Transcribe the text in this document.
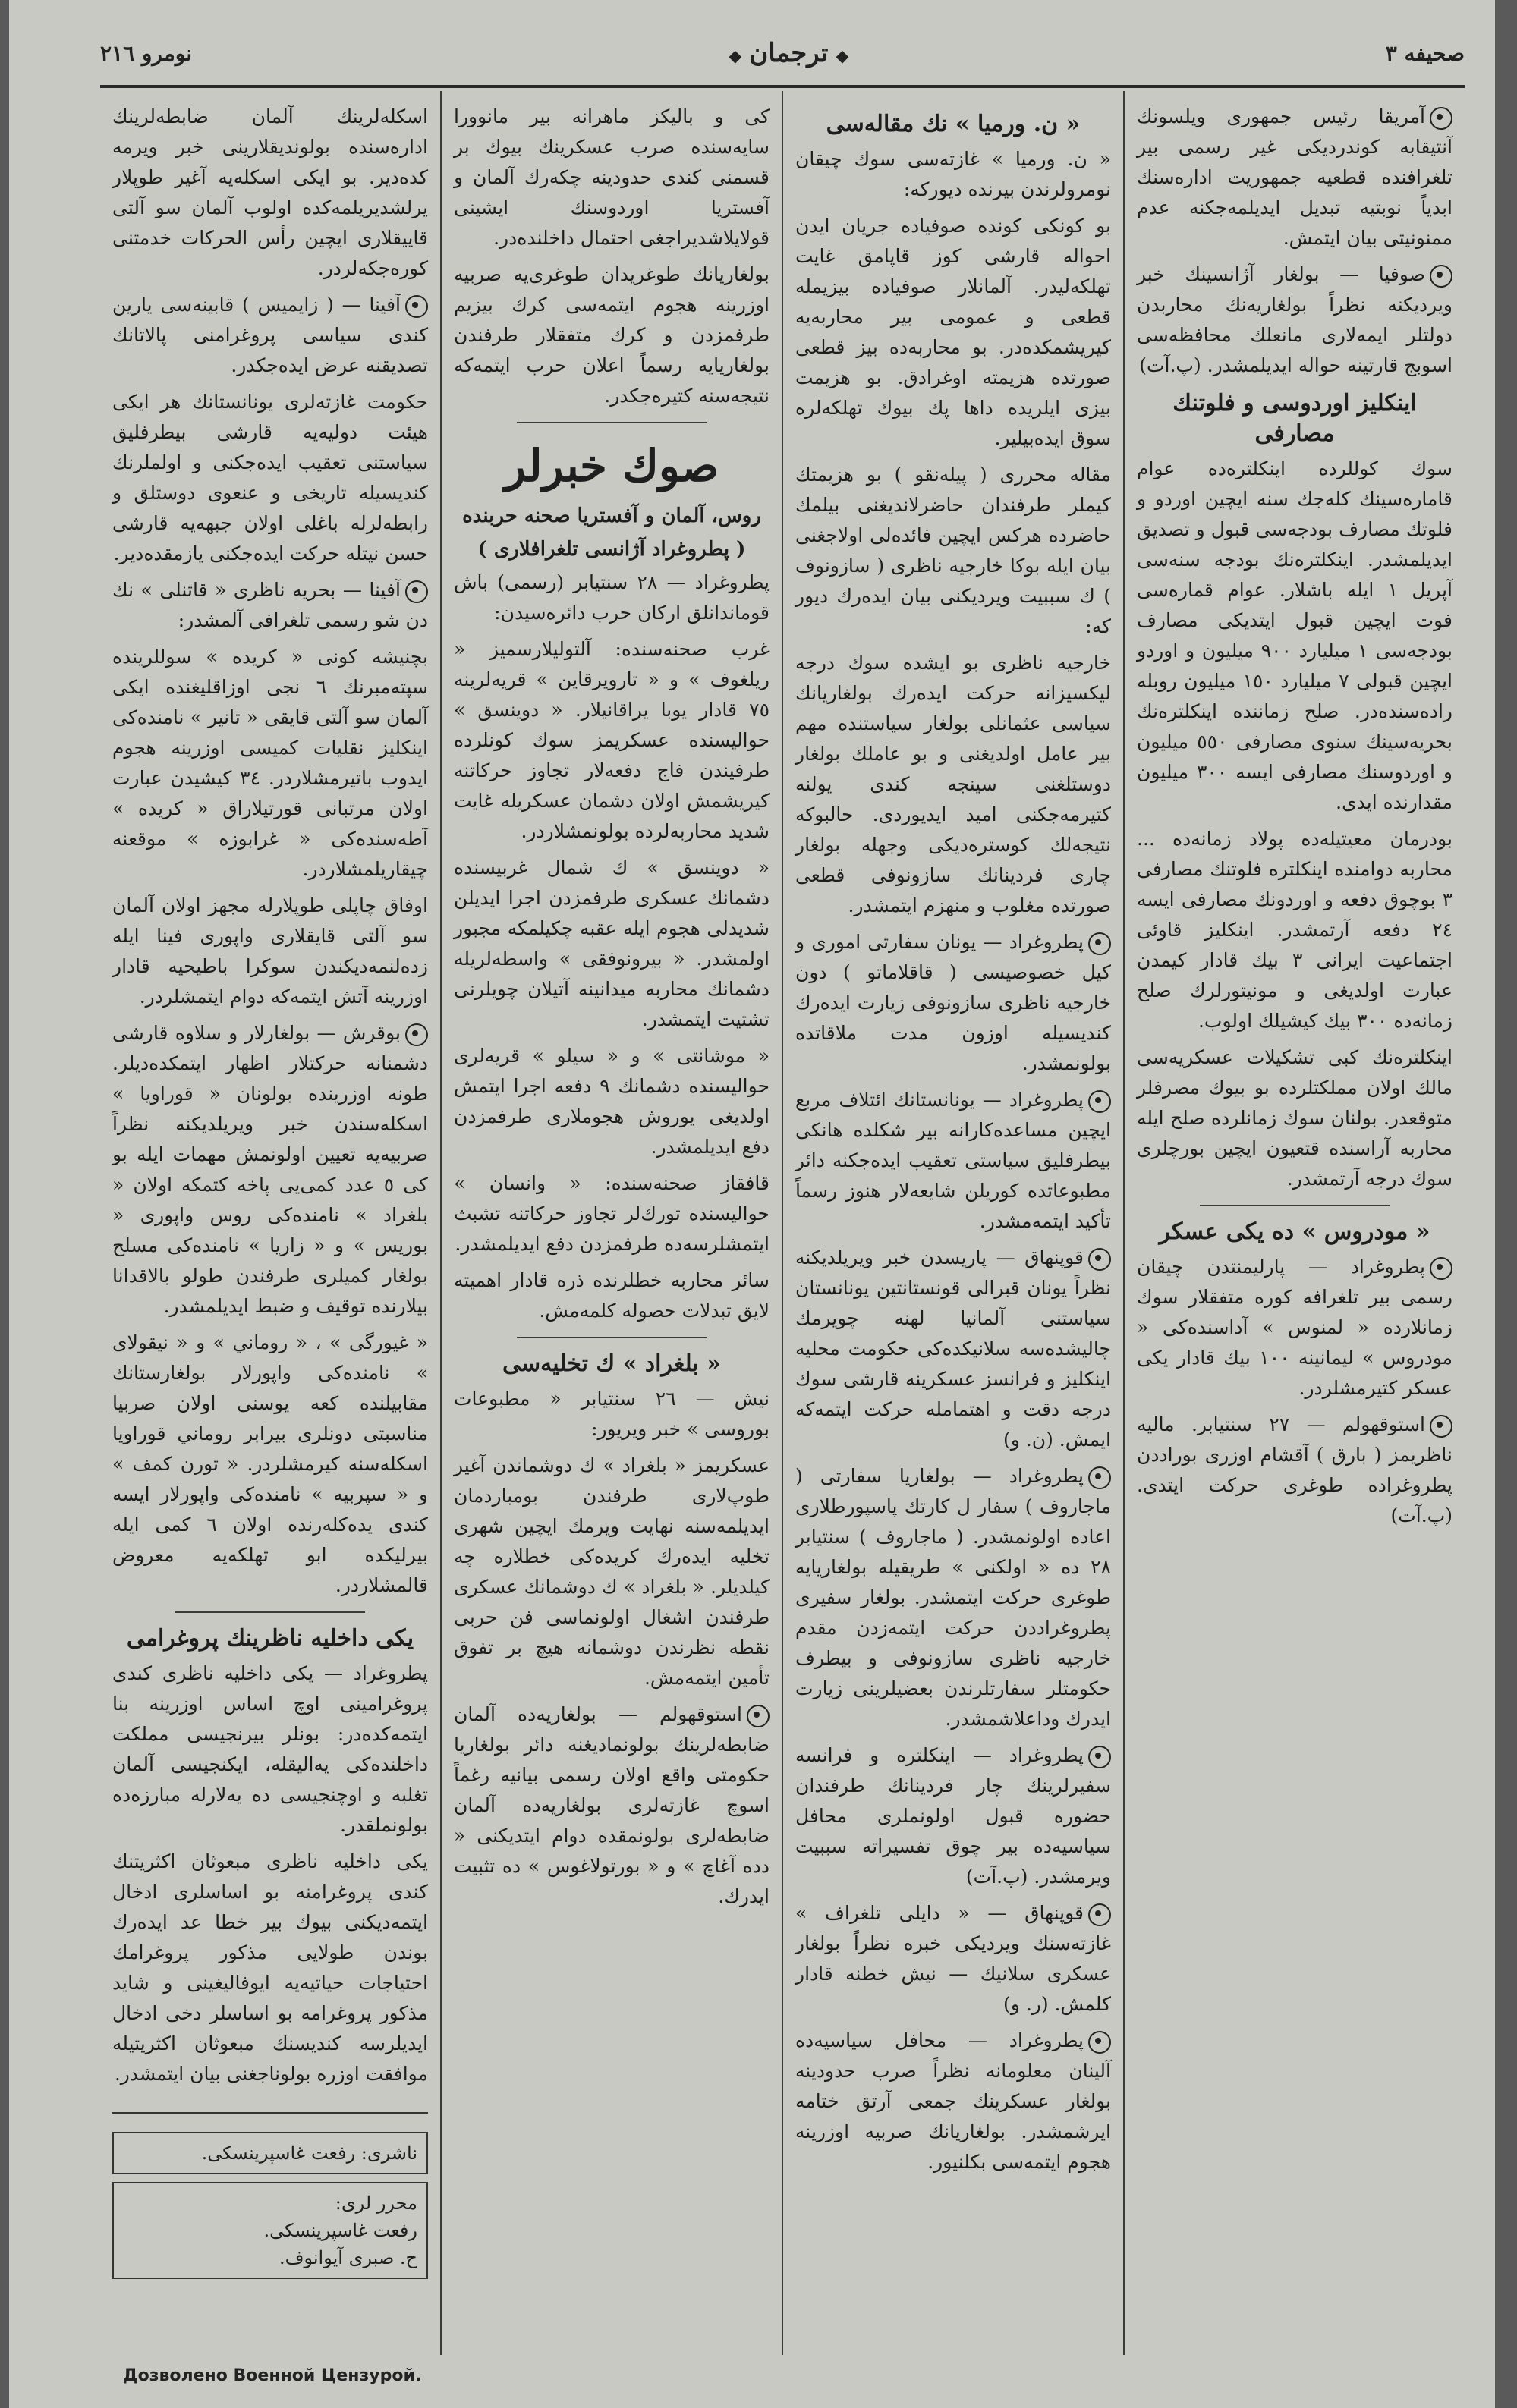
صحيفه ٣
◆ ترجمان ◆
نومرو ٢١٦

آمريقا رئيس جمهورى ويلسونك آنتيقابه كوندرديكى غير رسمى بير تلغرافنده قطعيه جمهوريت اداره‌سنك ابدياً نوبتيه تبديل ايديلمه‌جكنه عدم ممنونيتى بيان ايتمش.

صوفيا — بولغار آژانسينك خبر ويرديكنه نظراً بولغاريه‌نك محاربدن دولتلر ايمه‌لارى مانعلك محافظه‌سى اسوبج قارتينه حواله ايديلمشدر. (پ.آت)

اينكليز اوردوسى و فلوتنك مصارفى

سوك كوللرده اينكلتره‌ده عوام قاماره‌سينك كله‌جك سنه ايچين اوردو و فلوتك مصارف بودجه‌سى قبول و تصديق ايديلمشدر. اينكلتره‌نك بودجه سنه‌سى آپريل ١ ايله باشلار. عوام قماره‌سى فوت ايچين قبول ايتديكى مصارف بودجه‌سى ١ ميليارد ٩٠٠ ميليون و اوردو ايچين قبولى ٧ ميليارد ١٥٠ ميليون روبله راده‌سنده‌در. صلح زماننده اينكلتره‌نك بحريه‌سينك سنوى مصارفى ٥٥٠ ميليون و اوردوسنك مصارفى ايسه ٣٠٠ ميليون مقدارنده ايدى.

بودرمان معيتيله‌ده پولاد زمانه‌ده ... محاربه دوامنده اينكلتره فلوتنك مصارفى ٣ بوچوق دفعه و اوردونك مصارفى ايسه ٢٤ دفعه آرتمشدر. اينكليز قاوئى اجتماعيت ايرانى ٣ بيك قادار كيمدن عبارت اولديغى و مونيتورلرك صلح زمانه‌ده ٣٠٠ بيك كيشيلك اولوب.

اينكلتره‌نك كبى تشكيلات عسكريه‌سى مالك اولان مملكتلرده بو بيوك مصرفلر متوقعدر. بولنان سوك زمانلرده صلح ايله محاربه آراسنده قتعيون ايچين بورچلرى سوك درجه آرتمشدر.

« مودروس » ده يكى عسكر

پطروغراد — پارليمنتدن چيقان رسمى بير تلغرافه كوره متفقلار سوك زمانلارده « لمنوس » آداسنده‌كى « مودروس » ليمانينه ١٠٠ بيك قادار يكى عسكر كتيرمشلردر.

استوقهولم — ٢٧ سنتيابر. ماليه ناظريمز ( بارق ) آقشام اوزرى بوراددن پطروغراده طوغرى حركت ايتدى. (پ.آت)

« ن. ورميا » نك مقاله‌سى

« ن. ورميا » غازته‌سى سوك چيقان نومرولرندن بيرنده ديوركه:

بو كونكى كونده صوفياده جريان ايدن احواله قارشى كوز قاپامق غايت تهلكه‌ليدر. آلمانلار صوفياده بيزيمله قطعى و عمومى بير محاربه‌يه كيريشمكده‌در. بو محاربه‌ده بيز قطعى صورتده هزيمته اوغرادق. بو هزيمت بيزى ايلريده داها پك بيوك تهلكه‌لره سوق ايده‌بيلير.

مقاله محررى ( پيله‌نقو ) بو هزيمتك كيملر طرفندان حاضرلانديغنى بيلمك حاضرده هركس ايچين فائده‌لى اولاجغنى بيان ايله بوكا خارجيه ناظرى ( سازونوف ) ك سببيت ويرديكنى بيان ايده‌رك ديور كه:

خارجيه ناظرى بو ايشده سوك درجه ليكسيزانه حركت ايده‌رك بولغاريانك سياسى عثمانلى بولغار سياستنده مهم بير عامل اولديغنى و بو عاملك بولغار دوستلغنى سينجه كندى يولنه كتيرمه‌جكنى اميد ايديوردى. حالبوكه نتيجه‌لك كوستره‌ديكى وجهله بولغار چارى فردينانك سازونوفى قطعى صورتده مغلوب و منهزم ايتمشدر.

پطروغراد — يونان سفارتى اموری و كيل خصوصيسى ( قاقلاماتو ) دون خارجيه ناظرى سازونوفى زيارت ايده‌رك كنديسيله اوزون مدت ملاقاتده بولونمشدر.

پطروغراد — يونانستانك ائتلاف مربع ايچين مساعده‌كارانه بير شكلده هانكى بيطرفليق سياستى تعقيب ايده‌جكنه دائر مطبوعاتده كوريلن شايعه‌لار هنوز رسماً تأكيد ايتمه‌مشدر.

قوپنهاق — پاريسدن خبر ويريلديكنه نظراً يونان قبرالى قونستانتين يونانستان سياستنى آلمانيا لهنه چويرمك چاليشده‌سه سلانيكده‌كى حكومت محليه اينكليز و فرانسز عسكرينه قارشى سوك درجه دقت و اهتمامله حركت ايتمه‌كه ايمش. (ن. و)

پطروغراد — بولغاريا سفارتى ( ماجاروف ) سفار ل كارتك پاسپورطلارى اعاده اولونمشدر. ( ماجاروف ) سنتيابر ٢٨ ده « اولكنى » طريقيله بولغاريايه طوغرى حركت ايتمشدر. بولغار سفيرى پطروغراددن حركت ايتمه‌زدن مقدم خارجيه ناظرى سازونوفى و بيطرف حكومتلر سفارتلرندن بعضيلرينى زيارت ايدرك وداعلاشمشدر.

پطروغراد — اينكلتره و فرانسه سفيرلرينك چار فردينانك طرفندان حضوره قبول اولونملرى محافل سياسيه‌ده بير چوق تفسيراته سببيت ويرمشدر. (پ.آت)

قوپنهاق — « دايلى تلغراف » غازته‌سنك ويرديكى خبره نظراً بولغار عسكرى سلانيك — نيش خطنه قادار كلمش. (ر. و)

پطروغراد — محافل سياسيه‌ده آلينان معلومانه نظراً صرب حدودينه بولغار عسكرينك جمعى آرتق ختامه ايرشمشدر. بولغاريانك صربيه اوزرينه هجوم ايتمه‌سى بكلنيور.

كى و باليكز ماهرانه بير مانوورا سايه‌سنده صرب عسكرينك بيوك بر قسمنى كندى حدودينه چكه‌رك آلمان و آفستريا اوردوسنك ايشينى قولايلاشديراجغى احتمال داخلنده‌در.

بولغاريانك طوغريدان طوغرى‌يه صربيه اوزرينه هجوم ايتمه‌سى كرك بيزيم طرفمزدن و كرك متفقلار طرفندن بولغاريايه رسماً اعلان حرب ايتمه‌كه نتيجه‌سنه كتيره‌جكدر.

صوك خبرلر
روس، آلمان و آفستريا صحنه حربنده
( پطروغراد آژانسى تلغرافلارى )

پطروغراد — ٢٨ سنتيابر (رسمى) باش قوماندانلق اركان حرب دائره‌سيدن:

غرب صحنه‌سنده: آلتوليلارسميز « ريلغوف » و « تارويرقاين » قريه‌لرينه ٧٥ قادار يوبا يراقانيلار. « دوينسق » حواليسنده عسكريمز سوك كونلرده طرفيندن فاج دفعه‌لار تجاوز حركاتنه كيريشمش اولان دشمان عسكريله غايت شديد محاربه‌لرده بولونمشلاردر.

« دوينسق » ك شمال غربيسنده دشمانك عسكرى طرفمزدن اجرا ايديلن شديدلى هجوم ايله عقبه چكيلمكه مجبور اولمشدر. « بيرونوفقى » واسطه‌لريله دشمانك محاربه ميدانينه آتيلان چويلرنى تشتيت ايتمشدر.

« موشانتى » و « سيلو » قريه‌لرى حواليسنده دشمانك ٩ دفعه اجرا ايتمش اولديغى يوروش هجوملارى طرفمزدن دفع ايديلمشدر.

قافقاز صحنه‌سنده: « وانسان » حواليسنده تورك‌لر تجاوز حركاتنه تشبث ايتمشلرسه‌ده طرفمزدن دفع ايديلمشدر.

سائر محاربه خطلرنده ذره قادار اهميته لايق تبدلات حصوله كلمه‌مش.

« بلغراد » ك تخليه‌سى

نيش — ٢٦ سنتيابر « مطبوعات بوروسى » خبر ويريور:

عسكريمز « بلغراد » ك دوشماندن آغير طوپ‌لارى طرفندن بومباردمان ايديلمه‌سنه نهايت ويرمك ايچين شهرى تخليه ايده‌رك كريده‌كى خطلاره چه كيلديلر. « بلغراد » ك دوشمانك عسكرى طرفندن اشغال اولونماسى فن حربى نقطه نظرندن دوشمانه هيچ بر تفوق تأمين ايتمه‌مش.

استوقهولم — بولغاريه‌ده آلمان ضابطه‌لرينك بولونماديغنه دائر بولغاريا حكومتى واقع اولان رسمى بيانيه رغماً اسوچ غازته‌لرى بولغاريه‌ده آلمان ضابطه‌لرى بولونمقده دوام ايتديكنى « دده آغاچ » و « بورتولاغوس » ده تثبيت ايدرك.

اسكله‌لرينك آلمان ضابطه‌لرينك اداره‌سنده بولونديقلارينى خبر ويرمه كده‌دير. بو ايكى اسكله‌يه آغير طوپلار يرلشديريلمه‌كده اولوب آلمان سو آلتى قاييقلارى ايچين رأس الحركات خدمتنى كوره‌جكه‌لردر.

آفينا — ( زايميس ) قابينه‌سى يارين كندى سياسى پروغرامنى پالاتانك تصديقنه عرض ايده‌جكدر.

حكومت غازته‌لرى يونانستانك هر ايكى هيئت دوليه‌يه قارشى بيطرفليق سياستنى تعقيب ايده‌جكنى و اولملرنك كنديسيله تاريخى و عنعوى دوستلق و رابطه‌لرله باغلى اولان جبهه‌يه قارشى حسن نيتله حركت ايده‌جكنى يازمقده‌دير.

آفينا — بحريه ناظرى « قاتنلى » نك دن شو رسمى تلغرافى آلمشدر:

بچنيشه كونى « كريده » سوللرينده سپته‌مبرنك ٦ نجى اوزاقليغنده ايكى آلمان سو آلتى قايقى « تانير » نامنده‌كى اينكليز نقليات كميسى اوزرينه هجوم ايدوب باتيرمشلاردر. ٣٤ كيشيدن عبارت اولان مرتبانى قورتيلاراق « كريده » آطه‌سنده‌كى « غرابوزه » موقعنه چيقاريلمشلاردر.

اوفاق چاپلى طوپلارله مجهز اولان آلمان سو آلتى قايقلارى واپورى فينا ايله زده‌لنمه‌ديكندن سوكرا باطيحيه قادار اوزرينه آتش ايتمه‌كه دوام ايتمشلردر.

بوقرش — بولغارلار و سلاوه قارشى دشمنانه حركتلار اظهار ايتمكده‌ديلر. طونه اوزرينده بولونان « قوراويا » اسكله‌سندن خبر ويريلديكنه نظراً صربيه‌يه تعيين اولونمش مهمات ايله بو كى ٥ عدد كمى‌يى پاخه كتمكه اولان « بلغراد » نامنده‌كى روس واپورى « بوريس » و « زاريا » نامنده‌كى مسلح بولغار كميلرى طرفندن طولو بالاقدانا بيلارنده توقيف و ضبط ايديلمشدر.

« غيورگى » ، « روماني » و « نيقولاى » نامنده‌كى واپورلار بولغارستانك مقابيلنده كعه يوسنى اولان صربيا مناسبتى دونلرى بيرابر روماني قوراويا اسكله‌سنه كيرمشلردر. « تورن كمف » و « سپربيه » نامنده‌كى واپورلار ايسه كندى يده‌كله‌رنده اولان ٦ كمى ايله بيرليكده ابو تهلكه‌يه معروض قالمشلاردر.

يكى داخليه ناظرينك پروغرامى

پطروغراد — يكى داخليه ناظرى كندى پروغرامينى اوچ اساس اوزرينه بنا ايتمه‌كده‌در: بونلر بيرنجيسى مملكت داخلنده‌كى يه‌اليقله، ايكنجيسى آلمان تغلبه و اوچنجيسى ده يه‌لارله مبارزه‌ده بولونملقدر.

يكى داخليه ناظرى مبعوثان اكثريتنك كندى پروغرامنه بو اساسلرى ادخال ايتمه‌ديكنى بيوك بير خطا عد ايده‌رك بوندن طولايى مذكور پروغرامك احتياجات حياتيه‌يه ايوفاليغينى و شايد مذكور پروغرامه بو اساسلر دخى ادخال ايديلرسه كنديسنك مبعوثان اكثريتيله موافقت اوزره بولوناجغنى بيان ايتمشدر.

ناشرى: رفعت غاسپرينسكى.
محرر لرى:
رفعت غاسپرينسكى.
ح. صبرى آيوانوف.
Дозволено Военной Цензурой.
